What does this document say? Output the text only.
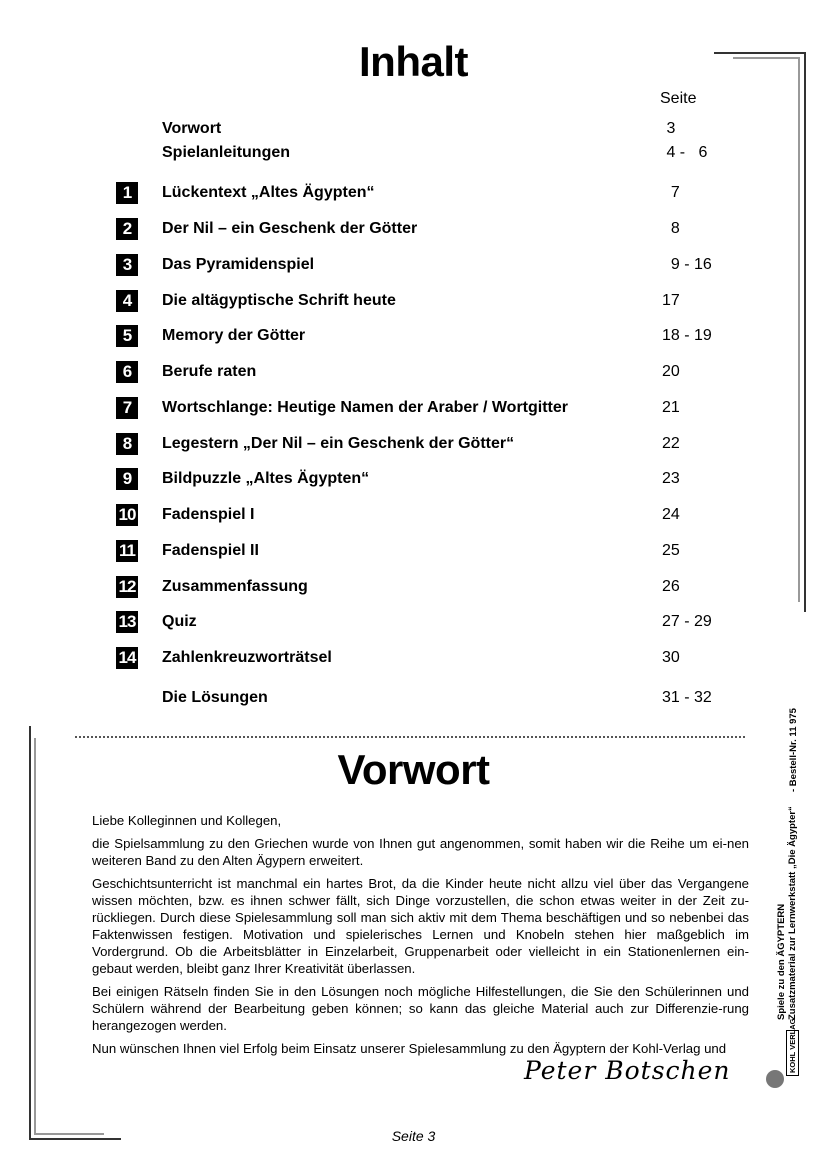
Inhalt
Seite
Vorwort	3
Spielanleitungen	4 -   6
1	Lückentext „Altes Ägypten“	7
2	Der Nil – ein Geschenk der Götter	8
3	Das Pyramidenspiel	9 - 16
4	Die altägyptische Schrift heute	17
5	Memory der Götter	18 - 19
6	Berufe raten	20
7	Wortschlange: Heutige Namen der Araber / Wortgitter	21
8	Legestern „Der Nil – ein Geschenk der Götter“	22
9	Bildpuzzle „Altes Ägypten“	23
10 Fadenspiel I	24
11 Fadenspiel II	25
12 Zusammenfassung	26
13 Quiz	27 - 29
14 Zahlenkreuzworträtsel	30
Die Lösungen	31 - 32
Vorwort

Liebe Kolleginnen und Kollegen,

die Spielsammlung zu den Griechen wurde von Ihnen gut angenommen, somit haben wir die Reihe um ei-nen weiteren Band zu den Alten Ägypern erweitert.

Geschichtsunterricht ist manchmal ein hartes Brot, da die Kinder heute nicht allzu viel über das Vergangene wissen möchten, bzw. es ihnen schwer fällt, sich Dinge vorzustellen, die schon etwas weiter in der Zeit zu-rückliegen. Durch diese Spielesammlung soll man sich aktiv mit dem Thema beschäftigen und so nebenbei das Faktenwissen festigen. Motivation und spielerisches Lernen und Knobeln stehen hier maßgeblich im Vordergrund. Ob die Arbeitsblätter in Einzelarbeit, Gruppenarbeit oder vielleicht in ein Stationenlernen ein-gebaut werden, bleibt ganz Ihrer Kreativität überlassen.

Bei einigen Rätseln finden Sie in den Lösungen noch mögliche Hilfestellungen, die Sie den Schülerinnen und Schülern während der Bearbeitung geben können; so kann das gleiche Material auch zur Differenzie-rung herangezogen werden.

Nun wünschen Ihnen viel Erfolg beim Einsatz unserer Spielesammlung zu den Ägyptern der Kohl-Verlag und

Peter Botschen
Seite 3
Spiele zu den ÄGYPTERN Zusatzmaterial zur Lernwerkstatt „Die Ägypter“
- Bestell-Nr. 11 975
KOHL VERLAG
